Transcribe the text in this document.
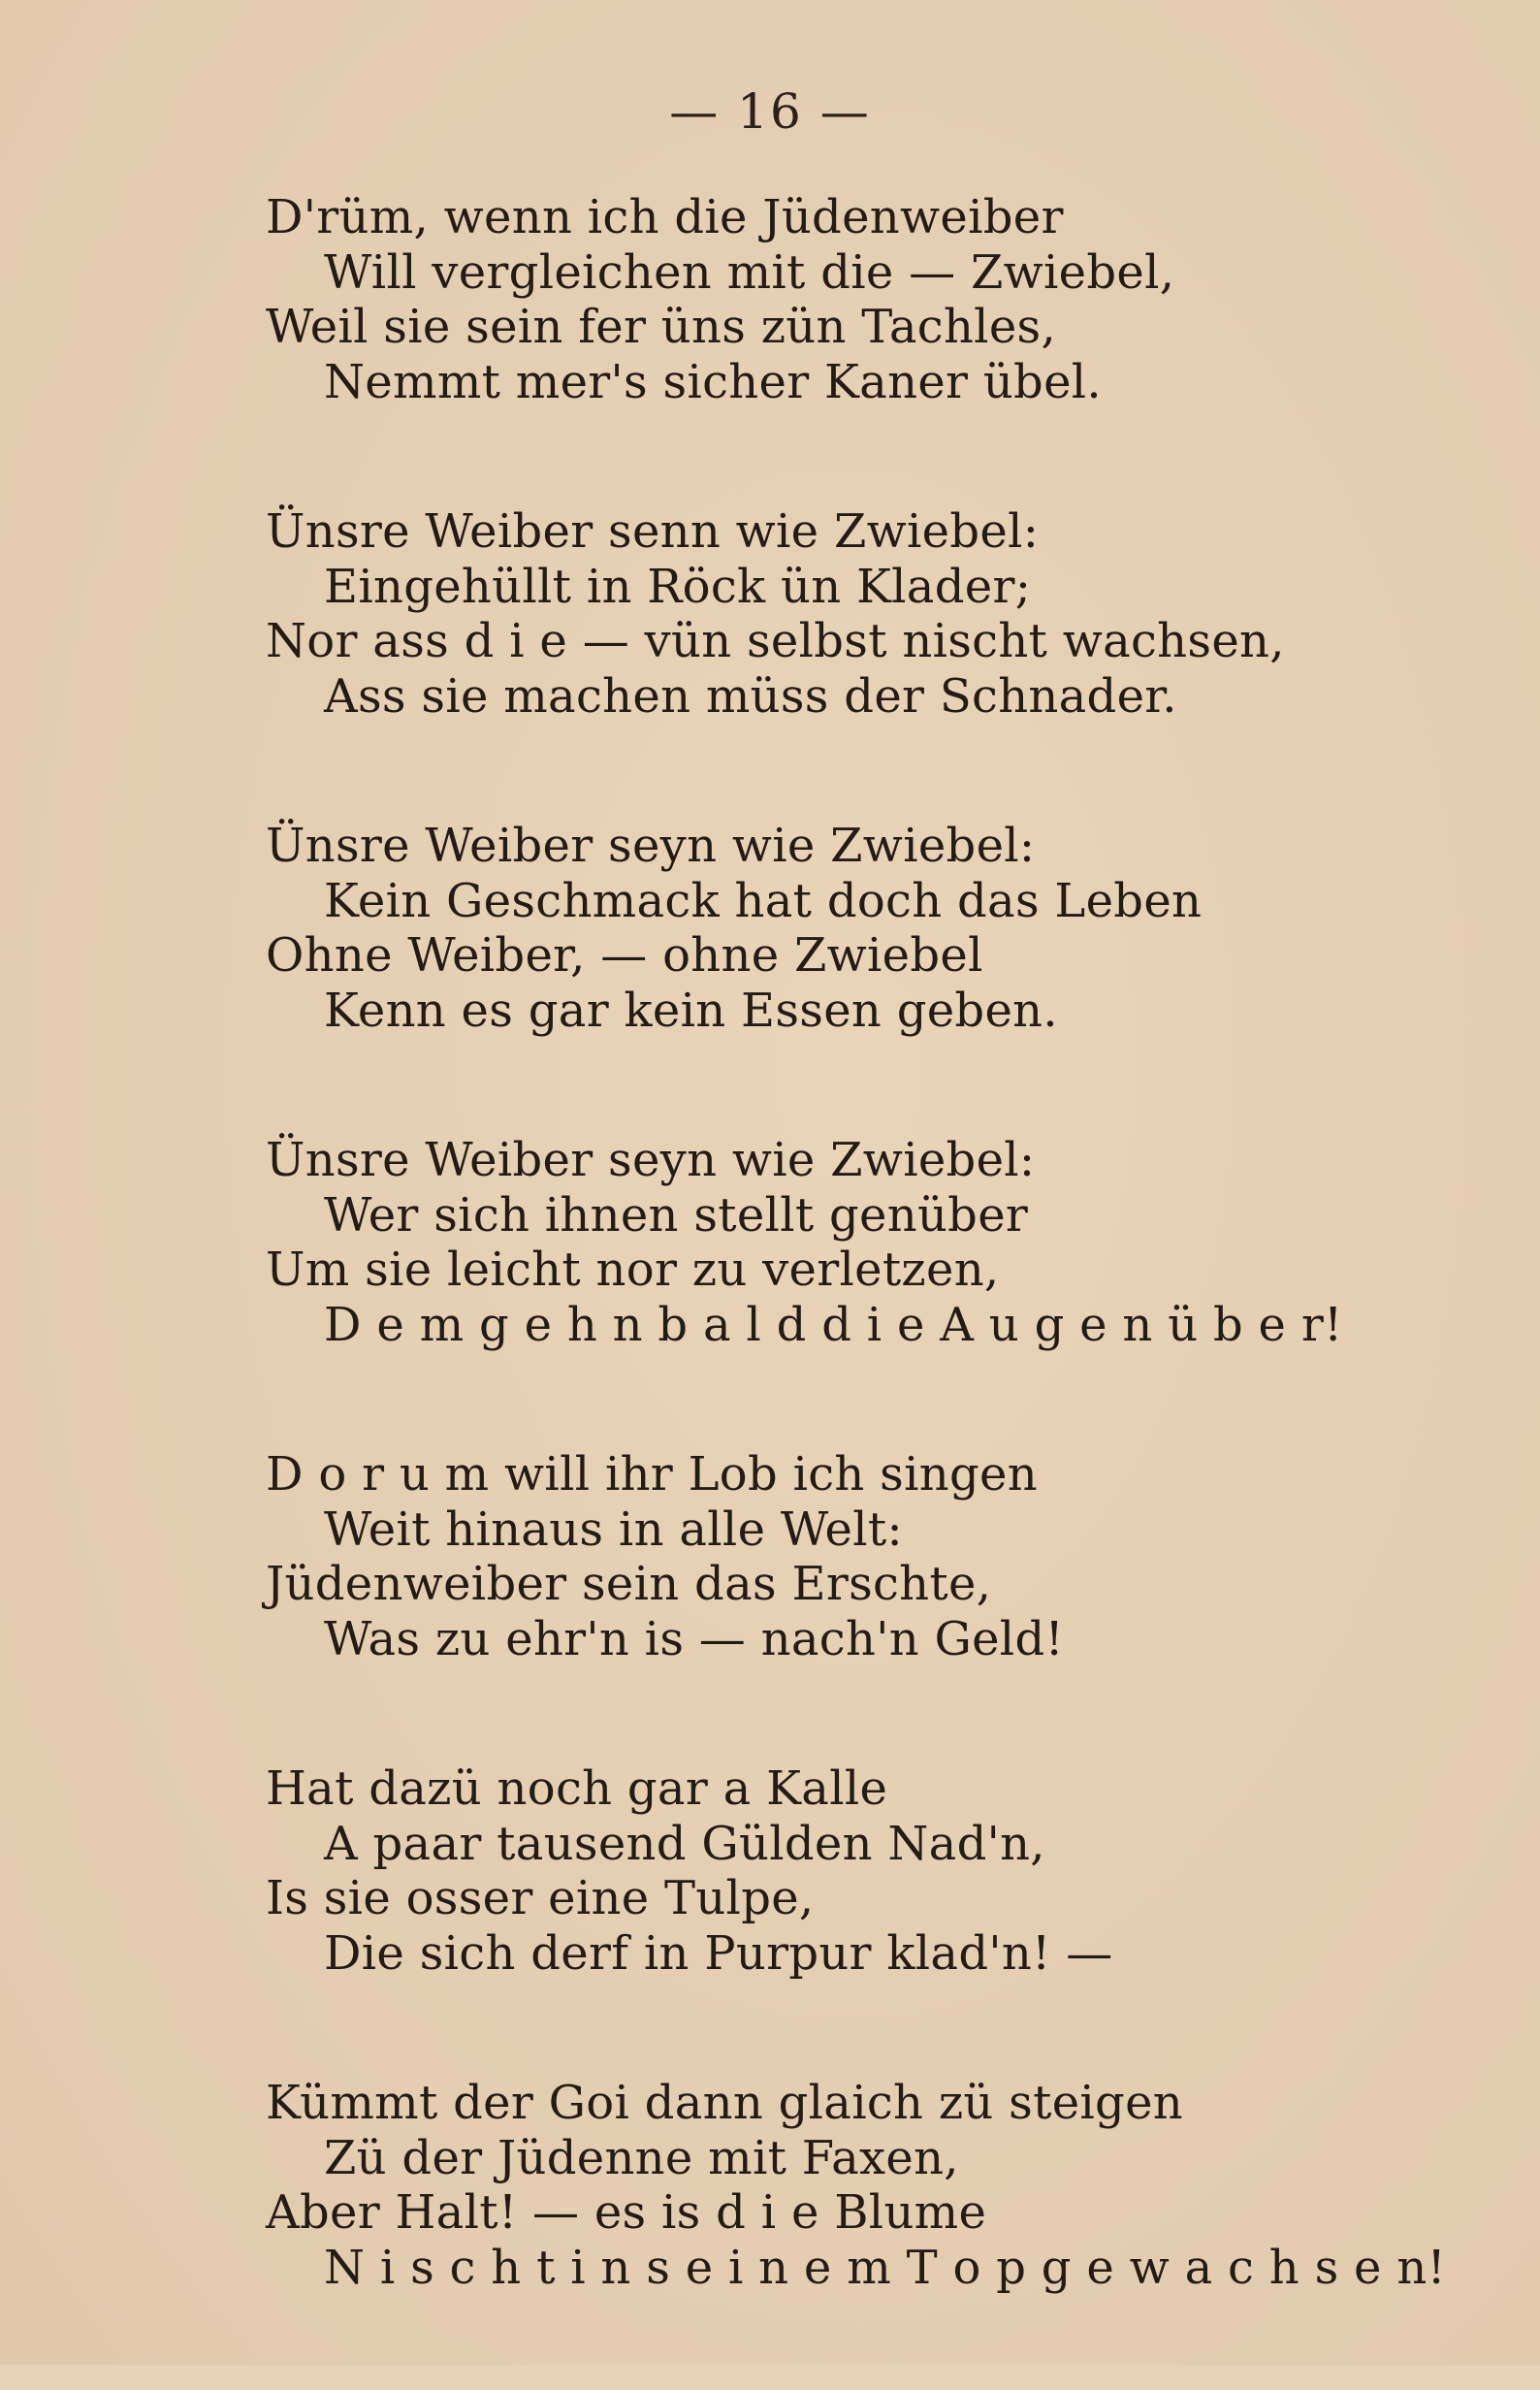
— 16 —
D'rüm, wenn ich die Jüdenweiber
Will vergleichen mit die — Zwiebel,
Weil sie sein fer üns zün Tachles,
Nemmt mer's sicher Kaner übel.
Ünsre Weiber senn wie Zwiebel:
Eingehüllt in Röck ün Klader;
Nor ass d i e — vün selbst nischt wachsen,
Ass sie machen müss der Schnader.
Ünsre Weiber seyn wie Zwiebel:
Kein Geschmack hat doch das Leben
Ohne Weiber, — ohne Zwiebel
Kenn es gar kein Essen geben.
Ünsre Weiber seyn wie Zwiebel:
Wer sich ihnen stellt genüber
Um sie leicht nor zu verletzen,
D e m g e h n b a l d d i e A u g e n ü b e r!
D o r u m will ihr Lob ich singen
Weit hinaus in alle Welt:
Jüdenweiber sein das Erschte,
Was zu ehr'n is — nach'n Geld!
Hat dazü noch gar a Kalle
A paar tausend Gülden Nad'n,
Is sie osser eine Tulpe,
Die sich derf in Purpur klad'n! —
Kümmt der Goi dann glaich zü steigen
Zü der Jüdenne mit Faxen,
Aber Halt! — es is d i e Blume
N i s c h t i n s e i n e m T o p g e w a c h s e n!
